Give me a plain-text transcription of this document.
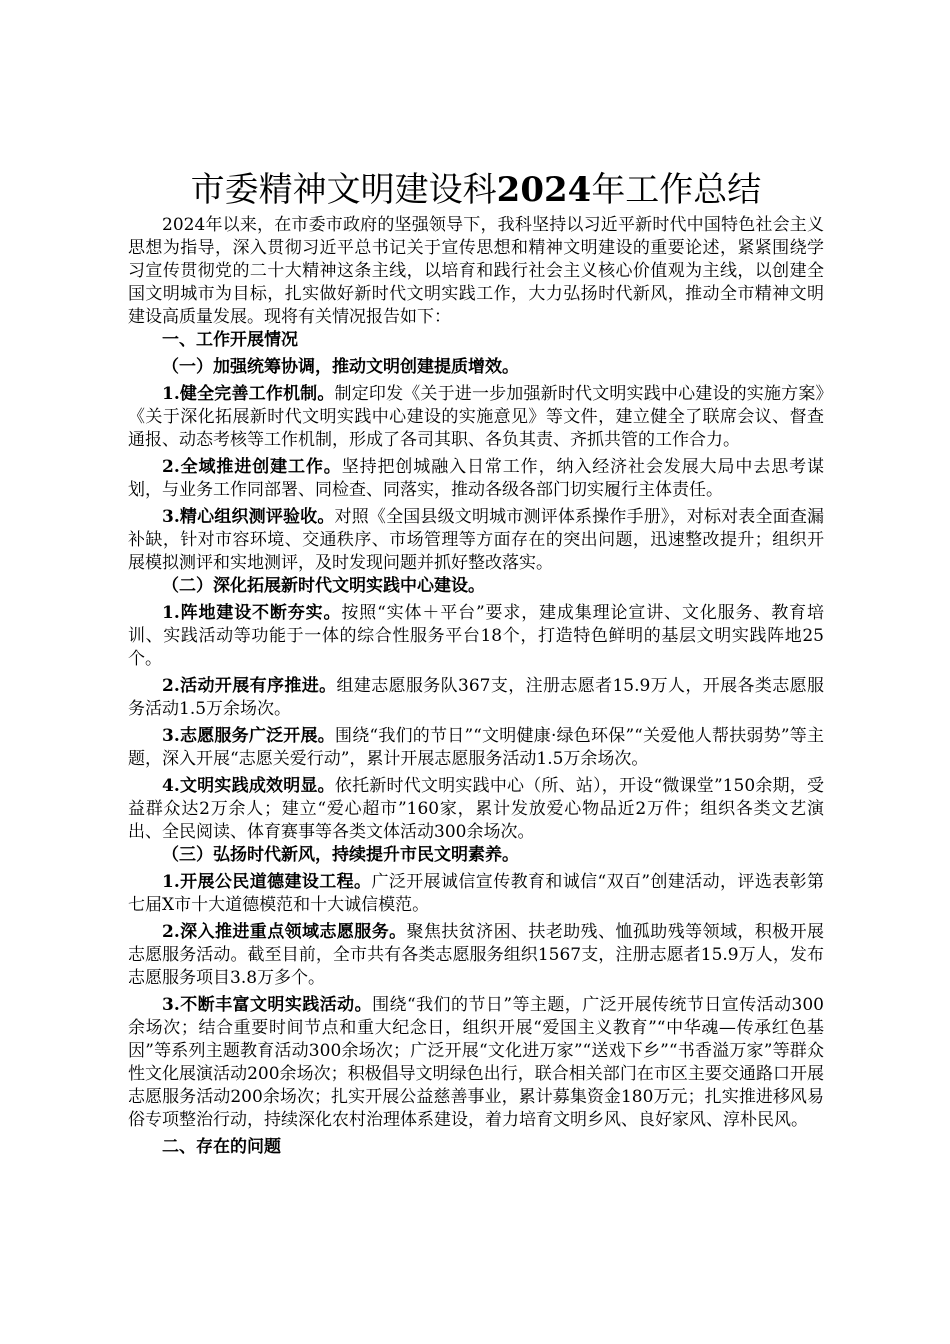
市委精神文明建设科2024年工作总结

2024年以来，在市委市政府的坚强领导下，我科坚持以习近平新时代中国特色社会主义思想为指导，深入贯彻习近平总书记关于宣传思想和精神文明建设的重要论述，紧紧围绕学习宣传贯彻党的二十大精神这条主线，以培育和践行社会主义核心价值观为主线，以创建全国文明城市为目标，扎实做好新时代文明实践工作，大力弘扬时代新风，推动全市精神文明建设高质量发展。现将有关情况报告如下：

一、工作开展情况

（一）加强统筹协调，推动文明创建提质增效。

1.健全完善工作机制。制定印发《关于进一步加强新时代文明实践中心建设的实施方案》《关于深化拓展新时代文明实践中心建设的实施意见》等文件，建立健全了联席会议、督查通报、动态考核等工作机制，形成了各司其职、各负其责、齐抓共管的工作合力。

2.全域推进创建工作。坚持把创城融入日常工作，纳入经济社会发展大局中去思考谋划，与业务工作同部署、同检查、同落实，推动各级各部门切实履行主体责任。

3.精心组织测评验收。对照《全国县级文明城市测评体系操作手册》，对标对表全面查漏补缺，针对市容环境、交通秩序、市场管理等方面存在的突出问题，迅速整改提升；组织开展模拟测评和实地测评，及时发现问题并抓好整改落实。

（二）深化拓展新时代文明实践中心建设。

1.阵地建设不断夯实。按照“实体＋平台”要求，建成集理论宣讲、文化服务、教育培训、实践活动等功能于一体的综合性服务平台18个，打造特色鲜明的基层文明实践阵地25个。

2.活动开展有序推进。组建志愿服务队367支，注册志愿者15.9万人，开展各类志愿服务活动1.5万余场次。

3.志愿服务广泛开展。围绕“我们的节日”“文明健康·绿色环保”“关爱他人帮扶弱势”等主题，深入开展“志愿关爱行动”，累计开展志愿服务活动1.5万余场次。

4.文明实践成效明显。依托新时代文明实践中心（所、站），开设“微课堂”150余期，受益群众达2万余人；建立“爱心超市”160家，累计发放爱心物品近2万件；组织各类文艺演出、全民阅读、体育赛事等各类文体活动300余场次。

（三）弘扬时代新风，持续提升市民文明素养。

1.开展公民道德建设工程。广泛开展诚信宣传教育和诚信“双百”创建活动，评选表彰第七届X市十大道德模范和十大诚信模范。

2.深入推进重点领域志愿服务。聚焦扶贫济困、扶老助残、恤孤助残等领域，积极开展志愿服务活动。截至目前，全市共有各类志愿服务组织1567支，注册志愿者15.9万人，发布志愿服务项目3.8万多个。

3.不断丰富文明实践活动。围绕“我们的节日”等主题，广泛开展传统节日宣传活动300余场次；结合重要时间节点和重大纪念日，组织开展“爱国主义教育”“中华魂—传承红色基因”等系列主题教育活动300余场次；广泛开展“文化进万家”“送戏下乡”“书香溢万家”等群众性文化展演活动200余场次；积极倡导文明绿色出行，联合相关部门在市区主要交通路口开展志愿服务活动200余场次；扎实开展公益慈善事业，累计募集资金180万元；扎实推进移风易俗专项整治行动，持续深化农村治理体系建设，着力培育文明乡风、良好家风、淳朴民风。

二、存在的问题
